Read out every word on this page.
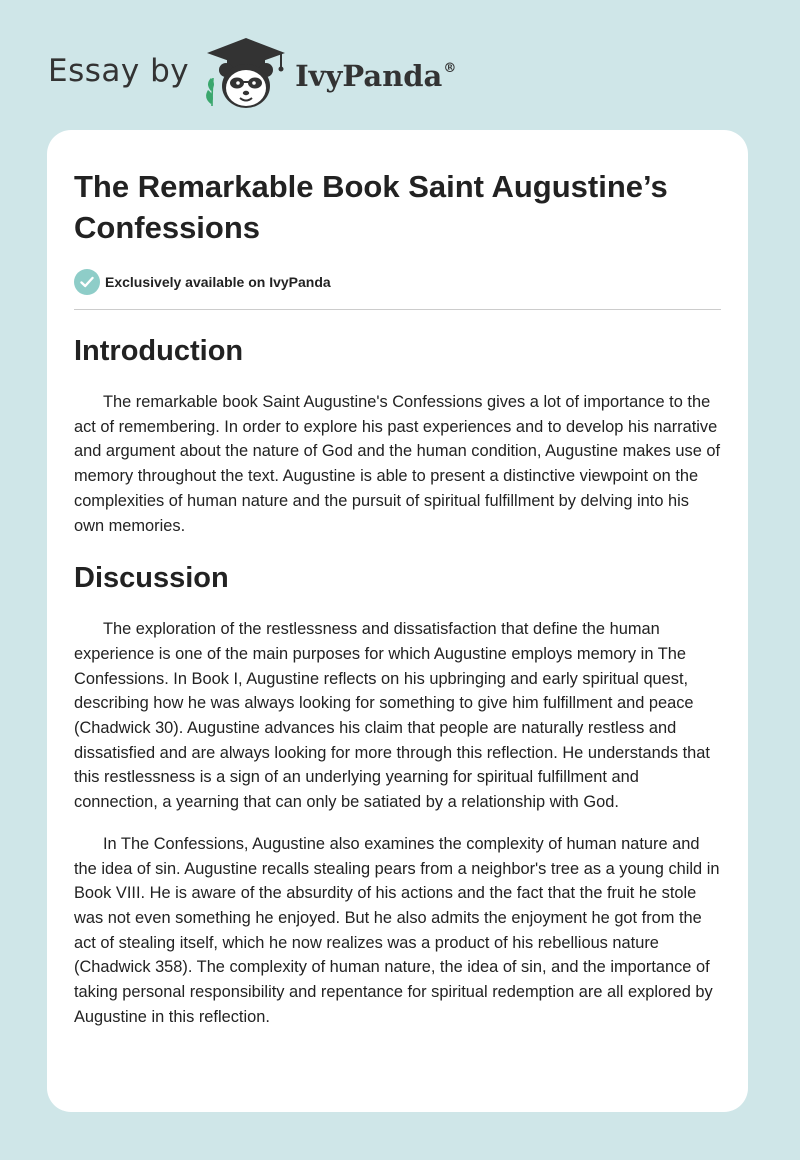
Essay by	IvyPanda®
The Remarkable Book Saint Augustine’s Confessions
Exclusively available on IvyPanda
Introduction

The remarkable book Saint Augustine's Confessions gives a lot of importance to the act of remembering. In order to explore his past experiences and to develop his narrative and argument about the nature of God and the human condition, Augustine makes use of memory throughout the text. Augustine is able to present a distinctive viewpoint on the complexities of human nature and the pursuit of spiritual fulfillment by delving into his own memories.

Discussion

The exploration of the restlessness and dissatisfaction that define the human experience is one of the main purposes for which Augustine employs memory in The Confessions. In Book I, Augustine reflects on his upbringing and early spiritual quest, describing how he was always looking for something to give him fulfillment and peace (Chadwick 30). Augustine advances his claim that people are naturally restless and dissatisfied and are always looking for more through this reflection. He understands that this restlessness is a sign of an underlying yearning for spiritual fulfillment and connection, a yearning that can only be satiated by a relationship with God.

In The Confessions, Augustine also examines the complexity of human nature and the idea of sin. Augustine recalls stealing pears from a neighbor's tree as a young child in Book VIII. He is aware of the absurdity of his actions and the fact that the fruit he stole was not even something he enjoyed. But he also admits the enjoyment he got from the act of stealing itself, which he now realizes was a product of his rebellious nature (Chadwick 358). The complexity of human nature, the idea of sin, and the importance of taking personal responsibility and repentance for spiritual redemption are all explored by Augustine in this reflection.
